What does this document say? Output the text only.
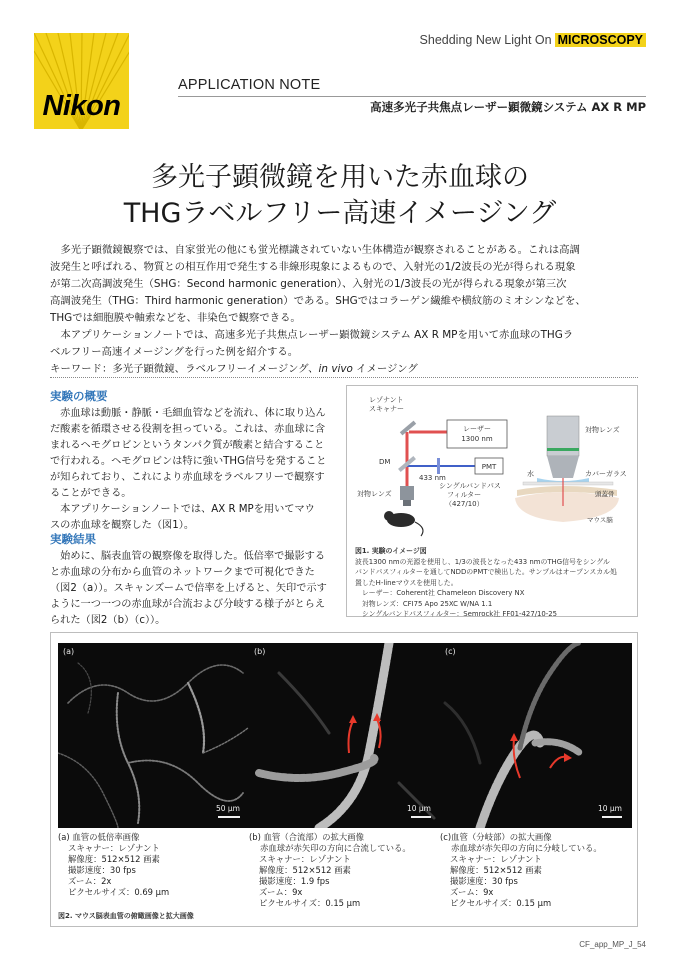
Nikon
Shedding New Light On MICROSCOPY
APPLICATION NOTE
高速多光子共焦点レーザー顕微鏡システム AX R MP
多光子顕微鏡を用いた赤血球の
THGラベルフリー高速イメージング

　多光子顕微鏡観察では、自家蛍光の他にも蛍光標識されていない生体構造が観察されることがある。これは高調

波発生と呼ばれる、物質との相互作用で発生する非線形現象によるもので、入射光の1/2波長の光が得られる現象

が第二次高調波発生（SHG：Second harmonic generation）、入射光の1/3波長の光が得られる現象が第三次

高調波発生（THG：Third harmonic generation）である。SHGではコラーゲン繊維や横紋筋のミオシンなどを、

THGでは細胞膜や軸索などを、非染色で観察できる。

　本アプリケーションノートでは、高速多光子共焦点レーザー顕微鏡システム AX R MPを用いて赤血球のTHGラ

ベルフリー高速イメージングを行った例を紹介する。

キーワード：多光子顕微鏡、ラベルフリーイメージング、in vivo イメージング
実験の概要

　赤血球は動脈・静脈・毛細血管などを流れ、体に取り込ん

だ酸素を循環させる役割を担っている。これは、赤血球に含

まれるヘモグロビンというタンパク質が酸素と結合すること

で行われる。ヘモグロビンは特に強いTHG信号を発すること

が知られており、これにより赤血球をラベルフリーで観察す

ることができる。

　本アプリケーションノートでは、AX R MPを用いてマウ

スの赤血球を観察した（図1）。

実験結果

　始めに、脳表血管の観察像を取得した。低倍率で撮影する

と赤血球の分布から血管のネットワークまで可視化できた

（図2（a））。スキャンズームで倍率を上げると、矢印で示す

ように一つ一つの赤血球が合流および分岐する様子がとらえ

られた（図2（b）（c））。

レーザー
1300 nm
PMT
レゾナント
スキャナー
DM
433 nm
対物レンズ
シングルバンドパス
フィルター
（427/10）
対物レンズ
水	カバーガラス
頭蓋骨
マウス脳

図1. 実験のイメージ図

波長1300 nmの光源を使用し、1/3の波長となった433 nmのTHG信号をシングル

バンドパスフィルターを通してNDDのPMTで検出した。サンプルはオープンスカル処

置したH-lineマウスを使用した。

　レーザー：Coherent社 Chameleon Discovery NX

　対物レンズ：CFI75 Apo 25XC W/NA 1.1

　シングルバンドパスフィルター：Semrock社 FF01-427/10-25

(a)
50 µm
(b)
10 µm
(c)
10 µm

(a) 血管の低倍率画像

スキャナー：レゾナント

解像度：512×512 画素

撮影速度：30 fps

ズーム：2x

ピクセルサイズ：0.69 µm

(b) 血管（合流部）の拡大画像

　 赤血球が赤矢印の方向に合流している。

スキャナー：レゾナント

解像度：512×512 画素

撮影速度：1.9 fps

ズーム：9x

ピクセルサイズ：0.15 µm

(c)血管（分岐部）の拡大画像

　 赤血球が赤矢印の方向に分岐している。

スキャナー：レゾナント

解像度：512×512 画素

撮影速度：30 fps

ズーム：9x

ピクセルサイズ：0.15 µm

図2. マウス脳表血管の俯瞰画像と拡大画像
CF_app_MP_J_54
